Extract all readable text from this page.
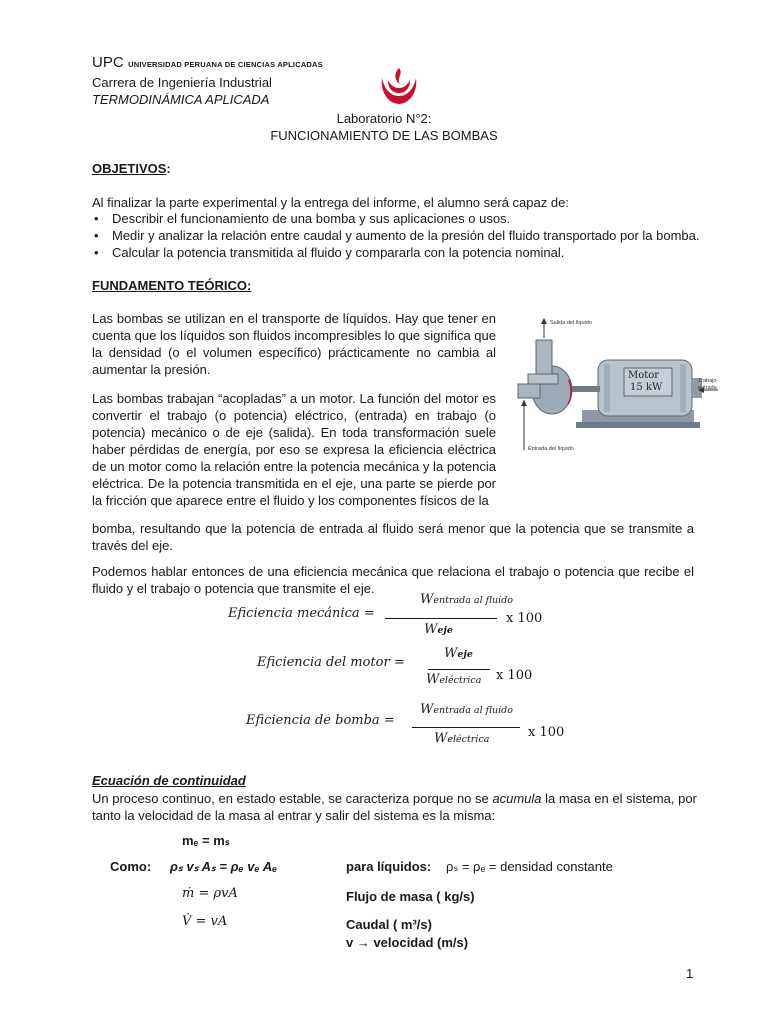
UPC UNIVERSIDAD PERUANA DE CIENCIAS APLICADAS
Carrera de Ingeniería Industrial
TERMODINÁMICA APLICADA
Laboratorio N°2:
FUNCIONAMIENTO DE LAS BOMBAS
OBJETIVOS:
Al finalizar la parte experimental y la entrega del informe, el alumno será capaz de:
• Describir el funcionamiento de una bomba y sus aplicaciones o usos.
• Medir y analizar la relación entre caudal y aumento de la presión del fluido transportado por la bomba.
• Calcular la potencia transmitida al fluido y compararla con la potencia nominal.
FUNDAMENTO TEÓRICO:
Las bombas se utilizan en el transporte de líquidos. Hay que tener en cuenta que los líquidos son fluidos incompresibles lo que significa que la densidad (o el volumen específico) prácticamente no cambia al aumentar la presión.
Las bombas trabajan “acopladas” a un motor. La función del motor es convertir el trabajo (o potencia) eléctrico, (entrada) en trabajo (o potencia) mecánico o de eje (salida). En toda transformación suele haber pérdidas de energía, por eso se expresa la eficiencia eléctrica de un motor como la relación entre la potencia mecánica y la potencia eléctrica. De la potencia transmitida en el eje, una parte se pierde por la fricción que aparece entre el fluido y los componentes físicos de la
bomba, resultando que la potencia de entrada al fluido será menor que la potencia que se transmite a través del eje.
Podemos hablar entonces de una eficiencia mecánica que relaciona el trabajo o potencia que recibe el fluido y el trabajo o potencia que transmite el eje.
Salida del líquido
Entrada del líquido
Trabajo entrada
Motor
15 kW
Eficiencia mecánica =
Wentrada al fluido
Weje
x 100
Eficiencia del motor =
Weje
Weléctrica x 100
Eficiencia de bomba =
Wentrada al fluido
Weléctrica	x 100
Ecuación de continuidad
Un proceso continuo, en estado estable, se caracteriza porque no se acumula la masa en el sistema, por
tanto la velocidad de la masa al entrar y salir del sistema es la misma:
mₑ = mₛ
Como: ρₛ vₛ Aₛ = ρₑ vₑ Aₑ	para líquidos: ρₛ = ρₑ = densidad constante
ṁ = ρvA	Flujo de masa ( kg/s)
V̇ = vA	Caudal ( m³/s)
v → velocidad (m/s)
1
